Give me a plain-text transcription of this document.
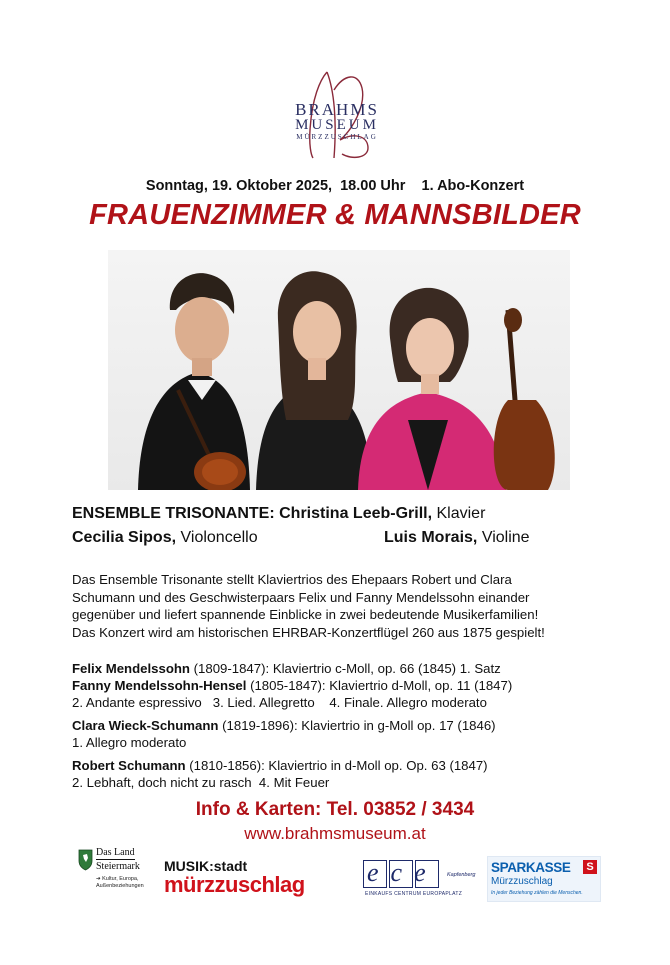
BRAHMS
MUSEUM
MÜRZZUSCHLAG
Sonntag, 19. Oktober 2025,  18.00 Uhr    1. Abo-Konzert
FRAUENZIMMER & MANNSBILDER
ENSEMBLE TRISONANTE: Christina Leeb-Grill, Klavier
Cecilia Sipos, Violoncello	Luis Morais, Violine
Das Ensemble Trisonante stellt Klaviertrios des Ehepaars Robert und Clara
Schumann und des Geschwisterpaars Felix und Fanny Mendelssohn einander
gegenüber und liefert spannende Einblicke in zwei bedeutende Musikerfamilien!
Das Konzert wird am historischen EHRBAR-Konzertflügel 260 aus 1875 gespielt!
Felix Mendelssohn (1809-1847): Klaviertrio c-Moll, op. 66 (1845) 1. Satz
Fanny Mendelssohn-Hensel (1805-1847): Klaviertrio d-Moll, op. 11 (1847)
2. Andante espressivo   3. Lied. Allegretto    4. Finale. Allegro moderato
Clara Wieck-Schumann (1819-1896): Klaviertrio in g-Moll op. 17 (1846)
1. Allegro moderato
Robert Schumann (1810-1856): Klaviertrio in d-Moll op. Op. 63 (1847)
2. Lebhaft, doch nicht zu rasch  4. Mit Feuer
Info & Karten: Tel. 03852 / 3434
www.brahmsmuseum.at
Das Land
Steiermark
➔ Kultur, Europa, Außenbeziehungen
MUSIK:stadt
mürzzuschlag ece Kapfenberg
EINKAUFS CENTRUM EUROPAPLATZ
SPARKASSE	S
Mürzzuschlag
In jeder Beziehung zählen die Menschen.
